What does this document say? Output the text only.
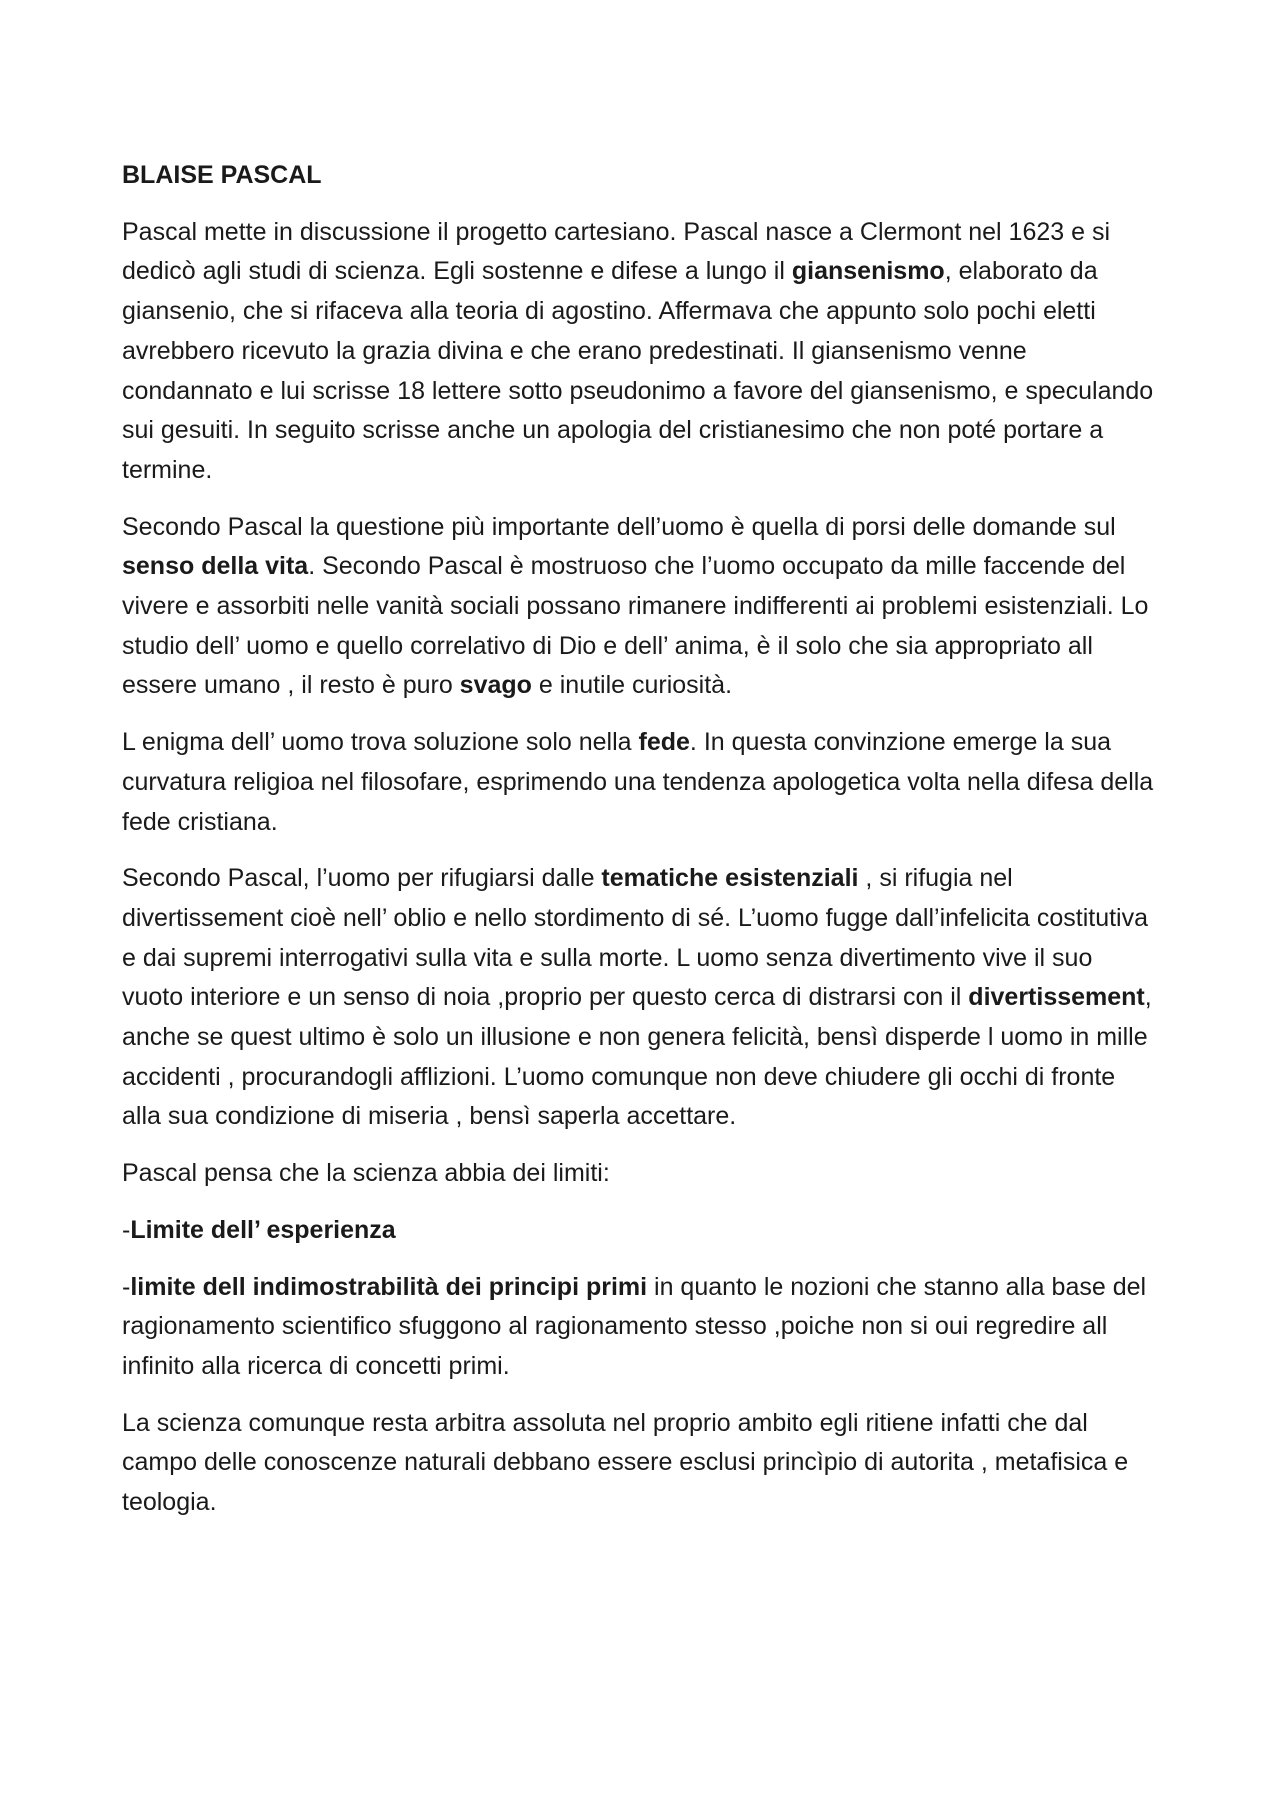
BLAISE PASCAL

Pascal mette in discussione il progetto cartesiano. Pascal nasce a Clermont nel 1623 e si dedicò agli studi di scienza. Egli sostenne e difese a lungo il giansenismo, elaborato da giansenio, che si rifaceva alla teoria di agostino. Affermava che appunto solo pochi eletti avrebbero ricevuto la grazia divina e che erano predestinati. Il giansenismo venne condannato e lui scrisse 18 lettere sotto pseudonimo a favore del giansenismo, e speculando sui gesuiti. In seguito scrisse anche un apologia del cristianesimo che non poté portare a termine.

Secondo Pascal la questione più importante dell’uomo è quella di porsi delle domande sul senso della vita. Secondo Pascal è mostruoso che l’uomo occupato da mille faccende del vivere e assorbiti nelle vanità sociali possano rimanere indifferenti ai problemi esistenziali. Lo studio dell’ uomo e quello correlativo di Dio e dell’ anima, è il solo che sia appropriato all essere umano , il resto è puro svago e inutile curiosità.

L enigma dell’ uomo trova soluzione solo nella fede. In questa convinzione emerge la sua curvatura religioa nel filosofare, esprimendo una tendenza apologetica volta nella difesa della fede cristiana.

Secondo Pascal, l’uomo per rifugiarsi dalle tematiche esistenziali , si rifugia nel divertissement cioè nell’ oblio e nello stordimento di sé. L’uomo fugge dall’infelicita costitutiva e dai supremi interrogativi sulla vita e sulla morte. L uomo senza divertimento vive il suo vuoto interiore e un senso di noia ,proprio per questo cerca di distrarsi con il divertissement, anche se quest ultimo è solo un illusione e non genera felicità, bensì disperde l uomo in mille accidenti , procurandogli afflizioni. L’uomo comunque non deve chiudere gli occhi di fronte alla sua condizione di miseria , bensì saperla accettare.

Pascal pensa che la scienza abbia dei limiti:

-Limite dell’ esperienza

-limite dell indimostrabilità dei principi primi in quanto le nozioni che stanno alla base del ragionamento scientifico sfuggono al ragionamento stesso ,poiche non si oui regredire all infinito alla ricerca di concetti primi.

La scienza comunque resta arbitra assoluta nel proprio ambito egli ritiene infatti che dal campo delle conoscenze naturali debbano essere esclusi princìpio di autorita , metafisica e teologia.
